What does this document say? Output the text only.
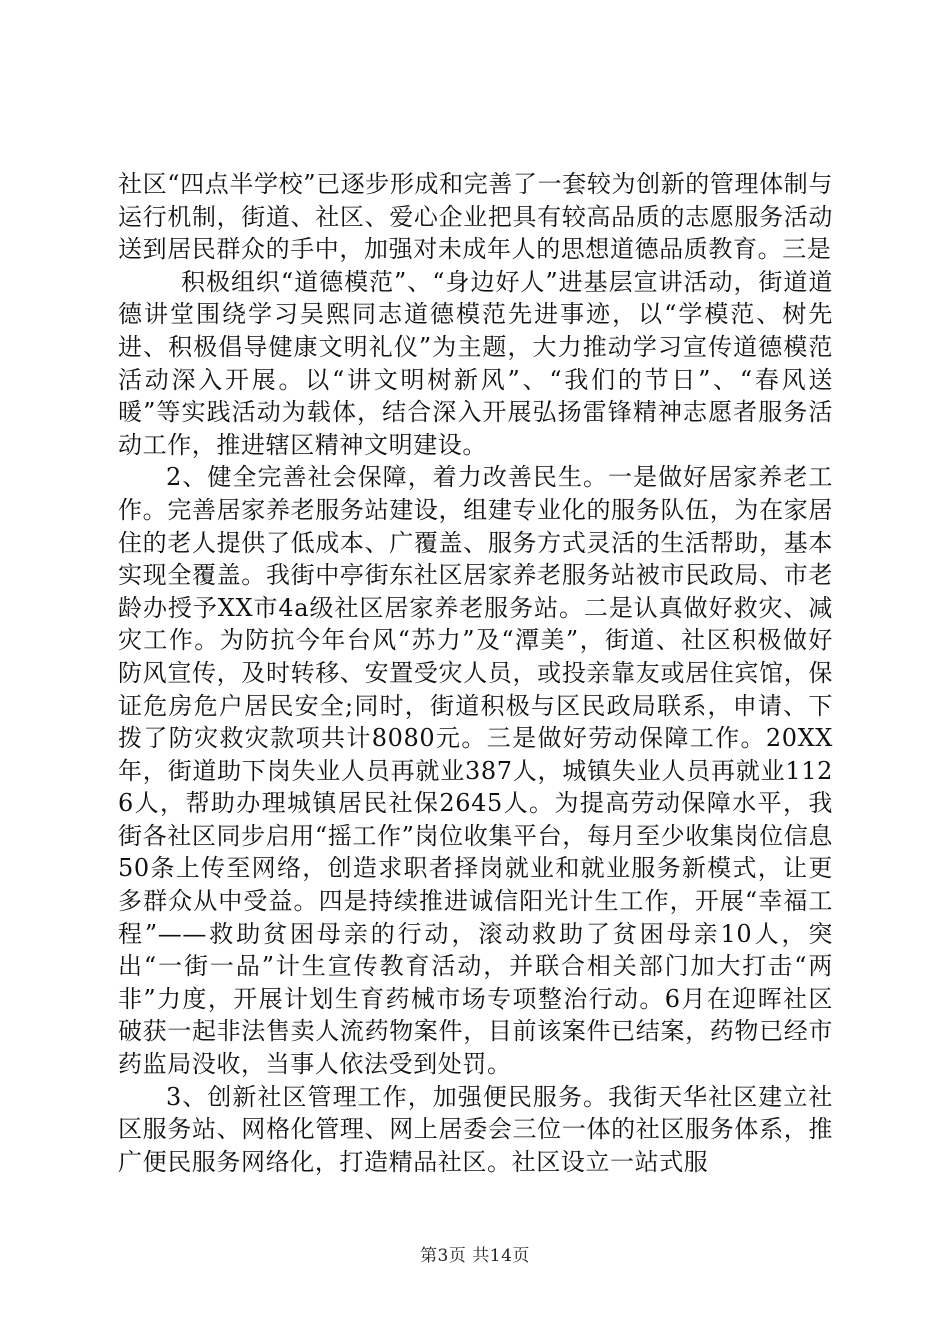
社区“四点半学校”已逐步形成和完善了一套较为创新的管理体制与运行机制，街道、社区、爱心企业把具有较高品质的志愿服务活动送到居民群众的手中，加强对未成年人的思想道德品质教育。三是

积极组织“道德模范”、“身边好人”进基层宣讲活动，街道道德讲堂围绕学习吴熙同志道德模范先进事迹，以“学模范、树先进、积极倡导健康文明礼仪”为主题，大力推动学习宣传道德模范活动深入开展。以“讲文明树新风”、“我们的节日”、“春风送暖”等实践活动为载体，结合深入开展弘扬雷锋精神志愿者服务活动工作，推进辖区精神文明建设。

2、健全完善社会保障，着力改善民生。一是做好居家养老工作。完善居家养老服务站建设，组建专业化的服务队伍，为在家居住的老人提供了低成本、广覆盖、服务方式灵活的生活帮助，基本实现全覆盖。我街中亭街东社区居家养老服务站被市民政局、市老龄办授予XX市4a级社区居家养老服务站。二是认真做好救灾、减灾工作。为防抗今年台风“苏力”及“潭美”，街道、社区积极做好防风宣传，及时转移、安置受灾人员，或投亲靠友或居住宾馆，保证危房危户居民安全;同时，街道积极与区民政局联系，申请、下拨了防灾救灾款项共计8080元。三是做好劳动保障工作。20XX年，街道助下岗失业人员再就业387人，城镇失业人员再就业1126人，帮助办理城镇居民社保2645人。为提高劳动保障水平，我街各社区同步启用“摇工作”岗位收集平台，每月至少收集岗位信息50条上传至网络，创造求职者择岗就业和就业服务新模式，让更多群众从中受益。四是持续推进诚信阳光计生工作，开展“幸福工程”——救助贫困母亲的行动，滚动救助了贫困母亲10人，突出“一街一品”计生宣传教育活动，并联合相关部门加大打击“两非”力度，开展计划生育药械市场专项整治行动。6月在迎晖社区破获一起非法售卖人流药物案件，目前该案件已结案，药物已经市药监局没收，当事人依法受到处罚。

3、创新社区管理工作，加强便民服务。我街天华社区建立社区服务站、网格化管理、网上居委会三位一体的社区服务体系，推广便民服务网络化，打造精品社区。社区设立一站式服

第3页 共14页
